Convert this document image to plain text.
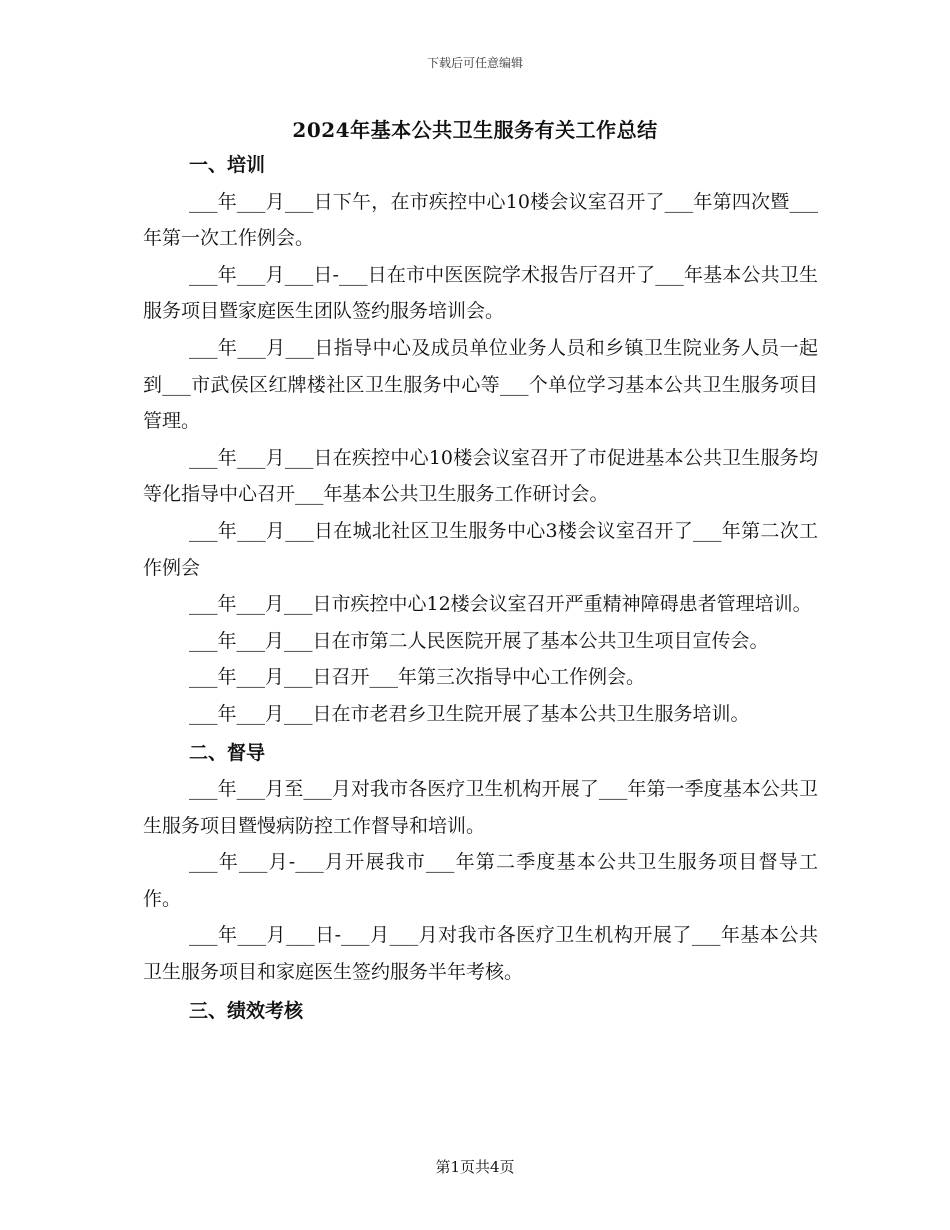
下载后可任意编辑
2024年基本公共卫生服务有关工作总结

一、培训

___年___月___日下午，在市疾控中心10楼会议室召开了___年第四次暨___年第一次工作例会。

___年___月___日-___日在市中医医院学术报告厅召开了___年基本公共卫生服务项目暨家庭医生团队签约服务培训会。

___年___月___日指导中心及成员单位业务人员和乡镇卫生院业务人员一起到___市武侯区红牌楼社区卫生服务中心等___个单位学习基本公共卫生服务项目管理。

___年___月___日在疾控中心10楼会议室召开了市促进基本公共卫生服务均等化指导中心召开___年基本公共卫生服务工作研讨会。

___年___月___日在城北社区卫生服务中心3楼会议室召开了___年第二次工作例会

___年___月___日市疾控中心12楼会议室召开严重精神障碍患者管理培训。

___年___月___日在市第二人民医院开展了基本公共卫生项目宣传会。

___年___月___日召开___年第三次指导中心工作例会。

___年___月___日在市老君乡卫生院开展了基本公共卫生服务培训。

二、督导

___年___月至___月对我市各医疗卫生机构开展了___年第一季度基本公共卫生服务项目暨慢病防控工作督导和培训。

___年___月-___月开展我市___年第二季度基本公共卫生服务项目督导工作。

___年___月___日-___月___月对我市各医疗卫生机构开展了___年基本公共卫生服务项目和家庭医生签约服务半年考核。

三、绩效考核

第1页共4页
